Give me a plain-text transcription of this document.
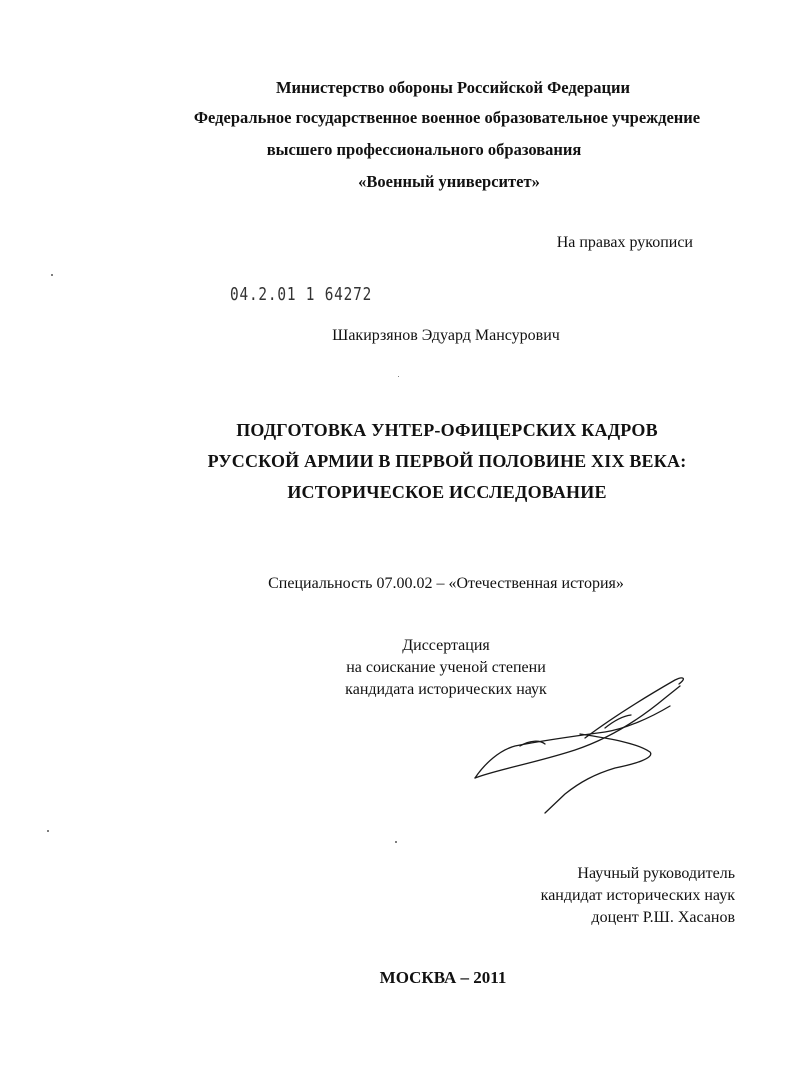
Министерство обороны Российской Федерации
Федеральное государственное военное образовательное учреждение
высшего профессионального образования
«Военный университет»
На правах рукописи
04.2.01 1 64272
Шакирзянов Эдуард Мансурович
ПОДГОТОВКА УНТЕР-ОФИЦЕРСКИХ КАДРОВ
РУССКОЙ АРМИИ В ПЕРВОЙ ПОЛОВИНЕ XIX ВЕКА:
ИСТОРИЧЕСКОЕ ИССЛЕДОВАНИЕ
Специальность 07.00.02 – «Отечественная история»
Диссертация
на соискание ученой степени
кандидата исторических наук
Научный руководитель
кандидат исторических наук
доцент Р.Ш. Хасанов
МОСКВА – 2011
